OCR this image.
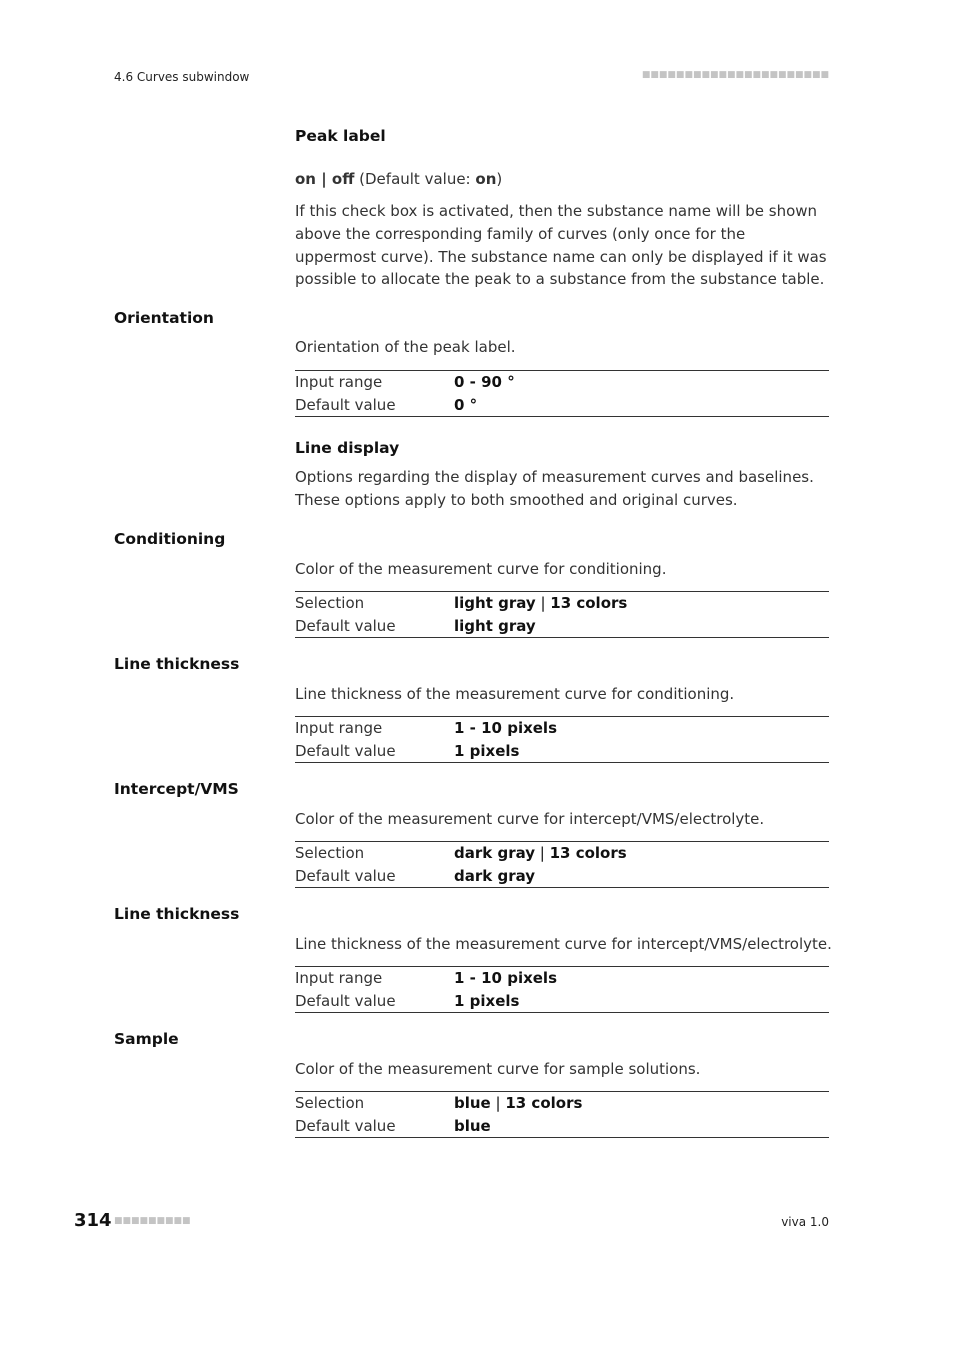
4.6 Curves subwindow	■■■■■■■■■■■■■■■■■■■■■■
Peak label
on | off (Default value: on)
If this check box is activated, then the substance name will be shown above the corresponding family of curves (only once for the uppermost curve). The substance name can only be displayed if it was possible to allocate the peak to a substance from the substance table.
Orientation
Orientation of the peak label.
Input range	0 - 90 °
Default value	0 °
Line display
Options regarding the display of measurement curves and baselines. These options apply to both smoothed and original curves.
Conditioning
Color of the measurement curve for conditioning.
Selection	light gray | 13 colors
Default value	light gray
Line thickness
Line thickness of the measurement curve for conditioning.
Input range	1 - 10 pixels
Default value	1 pixels
Intercept/VMS
Color of the measurement curve for intercept/VMS/electrolyte.
Selection	dark gray | 13 colors
Default value	dark gray
Line thickness
Line thickness of the measurement curve for intercept/VMS/electrolyte.
Input range	1 - 10 pixels
Default value	1 pixels
Sample
Color of the measurement curve for sample solutions.
Selection	blue | 13 colors
Default value	blue
314 ■■■■■■■■■	viva 1.0
